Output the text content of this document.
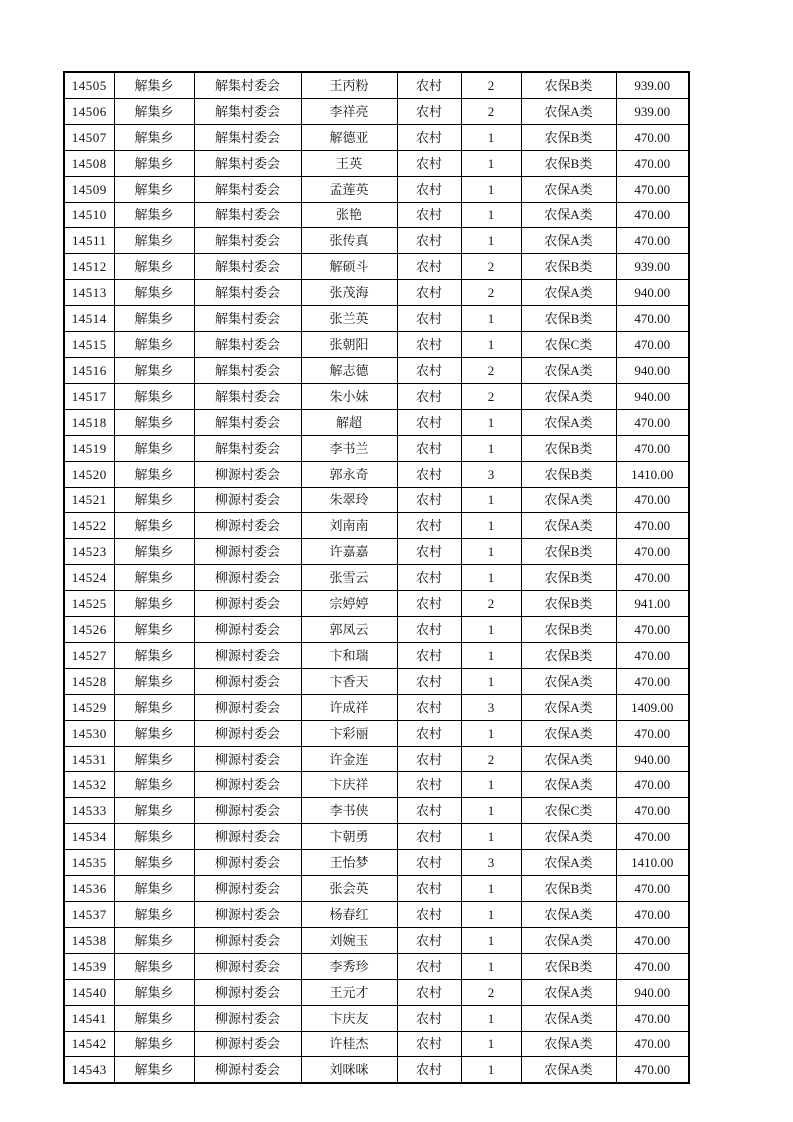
14505	解集乡	解集村委会	王丙粉	农村	2	农保B类	939.00
14506	解集乡	解集村委会	李祥亮	农村	2	农保A类	939.00
14507	解集乡	解集村委会	解德亚	农村	1	农保B类	470.00
14508	解集乡	解集村委会	王英	农村	1	农保B类	470.00
14509	解集乡	解集村委会	孟莲英	农村	1	农保A类	470.00
14510	解集乡	解集村委会	张艳	农村	1	农保A类	470.00
14511	解集乡	解集村委会	张传真	农村	1	农保A类	470.00
14512	解集乡	解集村委会	解硕斗	农村	2	农保B类	939.00
14513	解集乡	解集村委会	张茂海	农村	2	农保A类	940.00
14514	解集乡	解集村委会	张兰英	农村	1	农保B类	470.00
14515	解集乡	解集村委会	张朝阳	农村	1	农保C类	470.00
14516	解集乡	解集村委会	解志德	农村	2	农保A类	940.00
14517	解集乡	解集村委会	朱小妹	农村	2	农保A类	940.00
14518	解集乡	解集村委会	解超	农村	1	农保A类	470.00
14519	解集乡	解集村委会	李书兰	农村	1	农保B类	470.00
14520	解集乡	柳源村委会	郭永奇	农村	3	农保B类	1410.00
14521	解集乡	柳源村委会	朱翠玲	农村	1	农保A类	470.00
14522	解集乡	柳源村委会	刘南南	农村	1	农保A类	470.00
14523	解集乡	柳源村委会	许嘉嘉	农村	1	农保B类	470.00
14524	解集乡	柳源村委会	张雪云	农村	1	农保B类	470.00
14525	解集乡	柳源村委会	宗婷婷	农村	2	农保B类	941.00
14526	解集乡	柳源村委会	郭凤云	农村	1	农保B类	470.00
14527	解集乡	柳源村委会	卞和瑞	农村	1	农保B类	470.00
14528	解集乡	柳源村委会	卞香天	农村	1	农保A类	470.00
14529	解集乡	柳源村委会	许成祥	农村	3	农保A类	1409.00
14530	解集乡	柳源村委会	卞彩丽	农村	1	农保A类	470.00
14531	解集乡	柳源村委会	许金连	农村	2	农保A类	940.00
14532	解集乡	柳源村委会	卞庆祥	农村	1	农保A类	470.00
14533	解集乡	柳源村委会	李书侠	农村	1	农保C类	470.00
14534	解集乡	柳源村委会	卞朝勇	农村	1	农保A类	470.00
14535	解集乡	柳源村委会	王怡梦	农村	3	农保A类	1410.00
14536	解集乡	柳源村委会	张会英	农村	1	农保B类	470.00
14537	解集乡	柳源村委会	杨春红	农村	1	农保A类	470.00
14538	解集乡	柳源村委会	刘婉玉	农村	1	农保A类	470.00
14539	解集乡	柳源村委会	李秀珍	农村	1	农保B类	470.00
14540	解集乡	柳源村委会	王元才	农村	2	农保A类	940.00
14541	解集乡	柳源村委会	卞庆友	农村	1	农保A类	470.00
14542	解集乡	柳源村委会	许桂杰	农村	1	农保A类	470.00
14543	解集乡	柳源村委会	刘咪咪	农村	1	农保A类	470.00
